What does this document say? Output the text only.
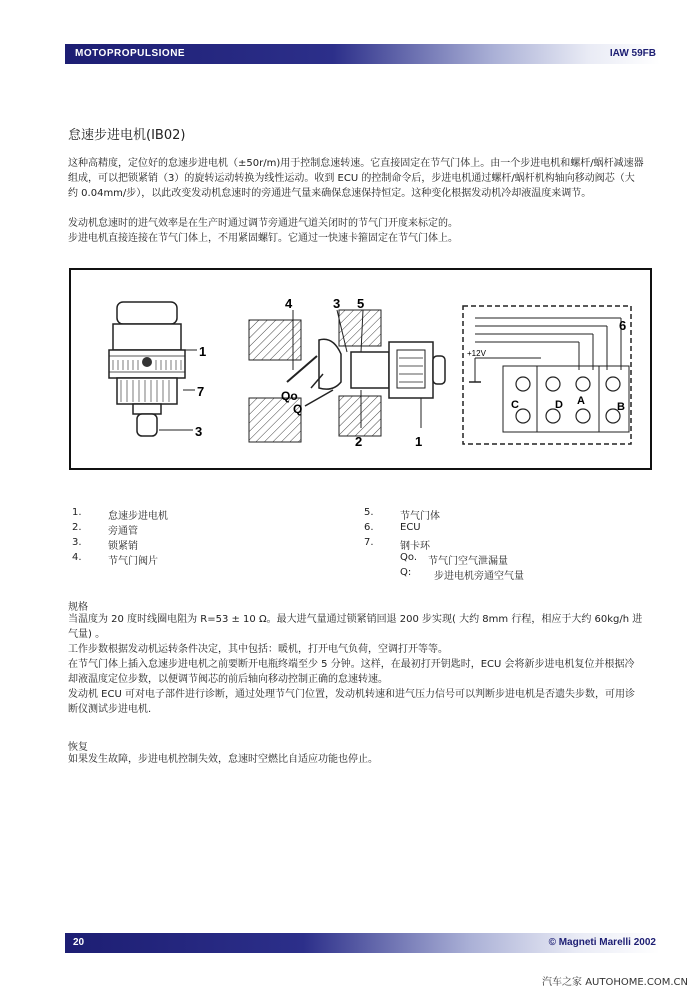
MOTOPROPULSIONE	IAW 59FB
怠速步进电机(IB02)

这种高精度，定位好的怠速步进电机（±50r/m)用于控制怠速转速。它直接固定在节气门体上。由一个步进电机和螺杆/蜗杆减速器组成，可以把锁紧销（3）的旋转运动转换为线性运动。收到 ECU 的控制命令后，步进电机通过螺杆/蜗杆机构轴向移动阀芯（大约 0.04mm/步），以此改变发动机怠速时的旁通进气量来确保怠速保持恒定。这种变化根据发动机冷却液温度来调节。

发动机怠速时的进气效率是在生产时通过调节旁通进气道关闭时的节气门开度来标定的。

步进电机直接连接在节气门体上，不用紧固螺钉。它通过一快速卡箍固定在节气门体上。

1
7
3
4	3 5
Qo
Q
2	1
6
+12V
C	D A	B
1.	怠速步进电机
2.	旁通管
3.	锁紧销
4.	节气门阀片
5.	节气门体
6.	ECU
7.	钢卡环
Qo. 节气门空气泄漏量
Q: 步进电机旁通空气量
规格

当温度为 20 度时线圈电阻为 R=53 ± 10 Ω。最大进气量通过锁紧销回退 200 步实现( 大约 8mm 行程，相应于大约 60kg/h 进气量) 。

工作步数根据发动机运转条件决定，其中包括：暖机，打开电气负荷，空调打开等等。

在节气门体上插入怠速步进电机之前要断开电瓶终端至少 5 分钟。这样，在最初打开钥匙时，ECU 会将新步进电机复位并根据冷却液温度定位步数，以便调节阀芯的前后轴向移动控制正确的怠速转速。

发动机 ECU 可对电子部件进行诊断，通过处理节气门位置，发动机转速和进气压力信号可以判断步进电机是否遗失步数，可用诊断仪测试步进电机.

恢复

如果发生故障，步进电机控制失效，怠速时空燃比自适应功能也停止。

20	© Magneti Marelli 2002
汽车之家 AUTOHOME.COM.CN
